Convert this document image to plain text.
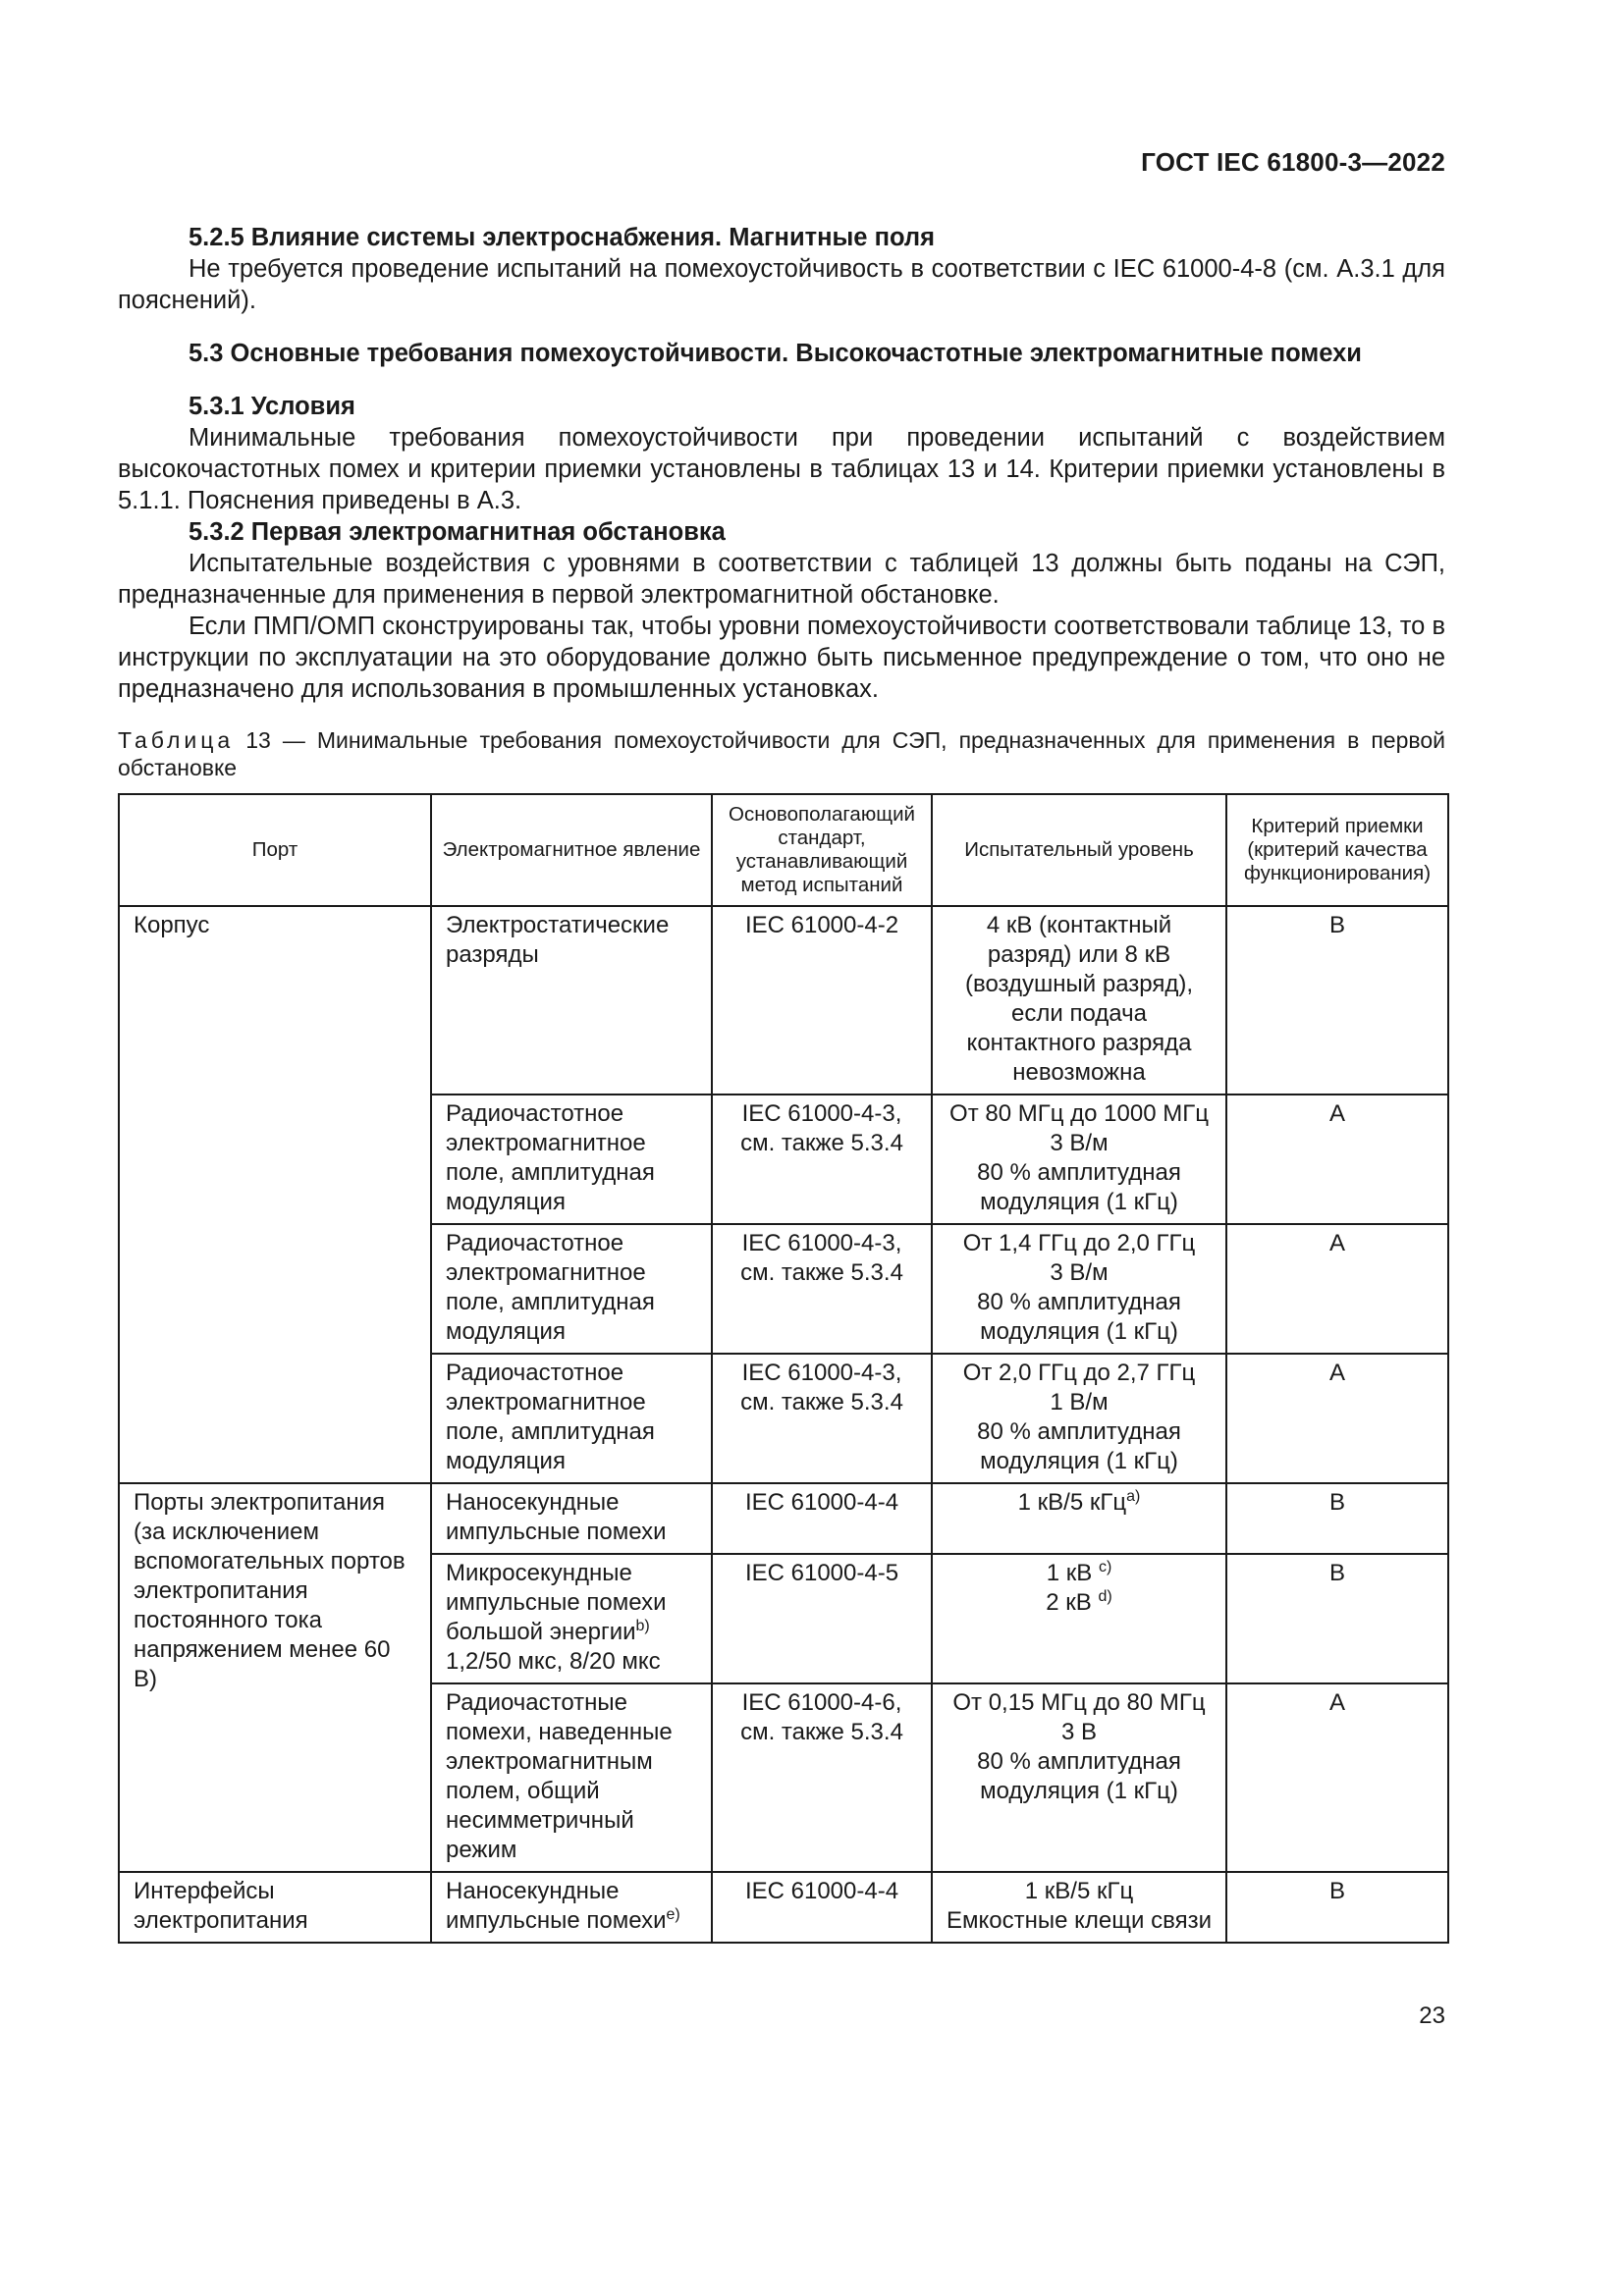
ГОСТ IEC 61800-3—2022

5.2.5 Влияние системы электроснабжения. Магнитные поля

Не требуется проведение испытаний на помехоустойчивость в соответствии с IEC 61000-4-8 (см. А.3.1 для пояснений).

5.3 Основные требования помехоустойчивости. Высокочастотные электромагнитные помехи

5.3.1 Условия

Минимальные требования помехоустойчивости при проведении испытаний с воздействием высокочастотных помех и критерии приемки установлены в таблицах 13 и 14. Критерии приемки установлены в 5.1.1. Пояснения приведены в А.3.

5.3.2 Первая электромагнитная обстановка

Испытательные воздействия с уровнями в соответствии с таблицей 13 должны быть поданы на СЭП, предназначенные для применения в первой электромагнитной обстановке.

Если ПМП/ОМП сконструированы так, чтобы уровни помехоустойчивости соответствовали таблице 13, то в инструкции по эксплуатации на это оборудование должно быть письменное предупреждение о том, что оно не предназначено для использования в промышленных установках.

Таблица 13 — Минимальные требования помехоустойчивости для СЭП, предназначенных для применения в первой обстановке

Порт	Электромагнитное явление	Основополагающий стандарт, устанавливающий метод испытаний	Испытательный уровень	Критерий приемки (критерий качества функционирования)
Корпус	Электростатические разряды	IEC 61000-4-2	4 кВ (контактный разряд) или 8 кВ (воздушный разряд), если подача контактного разряда невозможна	B
	Радиочастотное электромагнитное поле, амплитудная модуляция	IEC 61000-4-3, см. также 5.3.4	От 80 МГц до 1000 МГц
3 В/м
80 % амплитудная модуляция (1 кГц)	A
	Радиочастотное электромагнитное поле, амплитудная модуляция	IEC 61000-4-3, см. также 5.3.4	От 1,4 ГГц до 2,0 ГГц
3 В/м
80 % амплитудная модуляция (1 кГц)	A
	Радиочастотное электромагнитное поле, амплитудная модуляция	IEC 61000-4-3, см. также 5.3.4	От 2,0 ГГц до 2,7 ГГц
1 В/м
80 % амплитудная модуляция (1 кГц)	A
Порты электропитания (за исключением вспомогательных портов электропитания постоянного тока напряжением менее 60 В)	Наносекундные импульсные помехи	IEC 61000-4-4	1 кВ/5 кГц$^{a)}$	B
	Микросекундные импульсные помехи большой энергии$^{b)}$
1,2/50 мкс, 8/20 мкс	IEC 61000-4-5	1 кВ $^{c)}$
2 кВ $^{d)}$	B
	Радиочастотные помехи, наведенные электромагнитным полем, общий несимметричный режим	IEC 61000-4-6, см. также 5.3.4	От 0,15 МГц до 80 МГц
3 В
80 % амплитудная модуляция (1 кГц)	A
Интерфейсы электропитания	Наносекундные импульсные помехи$^{e)}$	IEC 61000-4-4	1 кВ/5 кГц
Емкостные клещи связи	B
23
